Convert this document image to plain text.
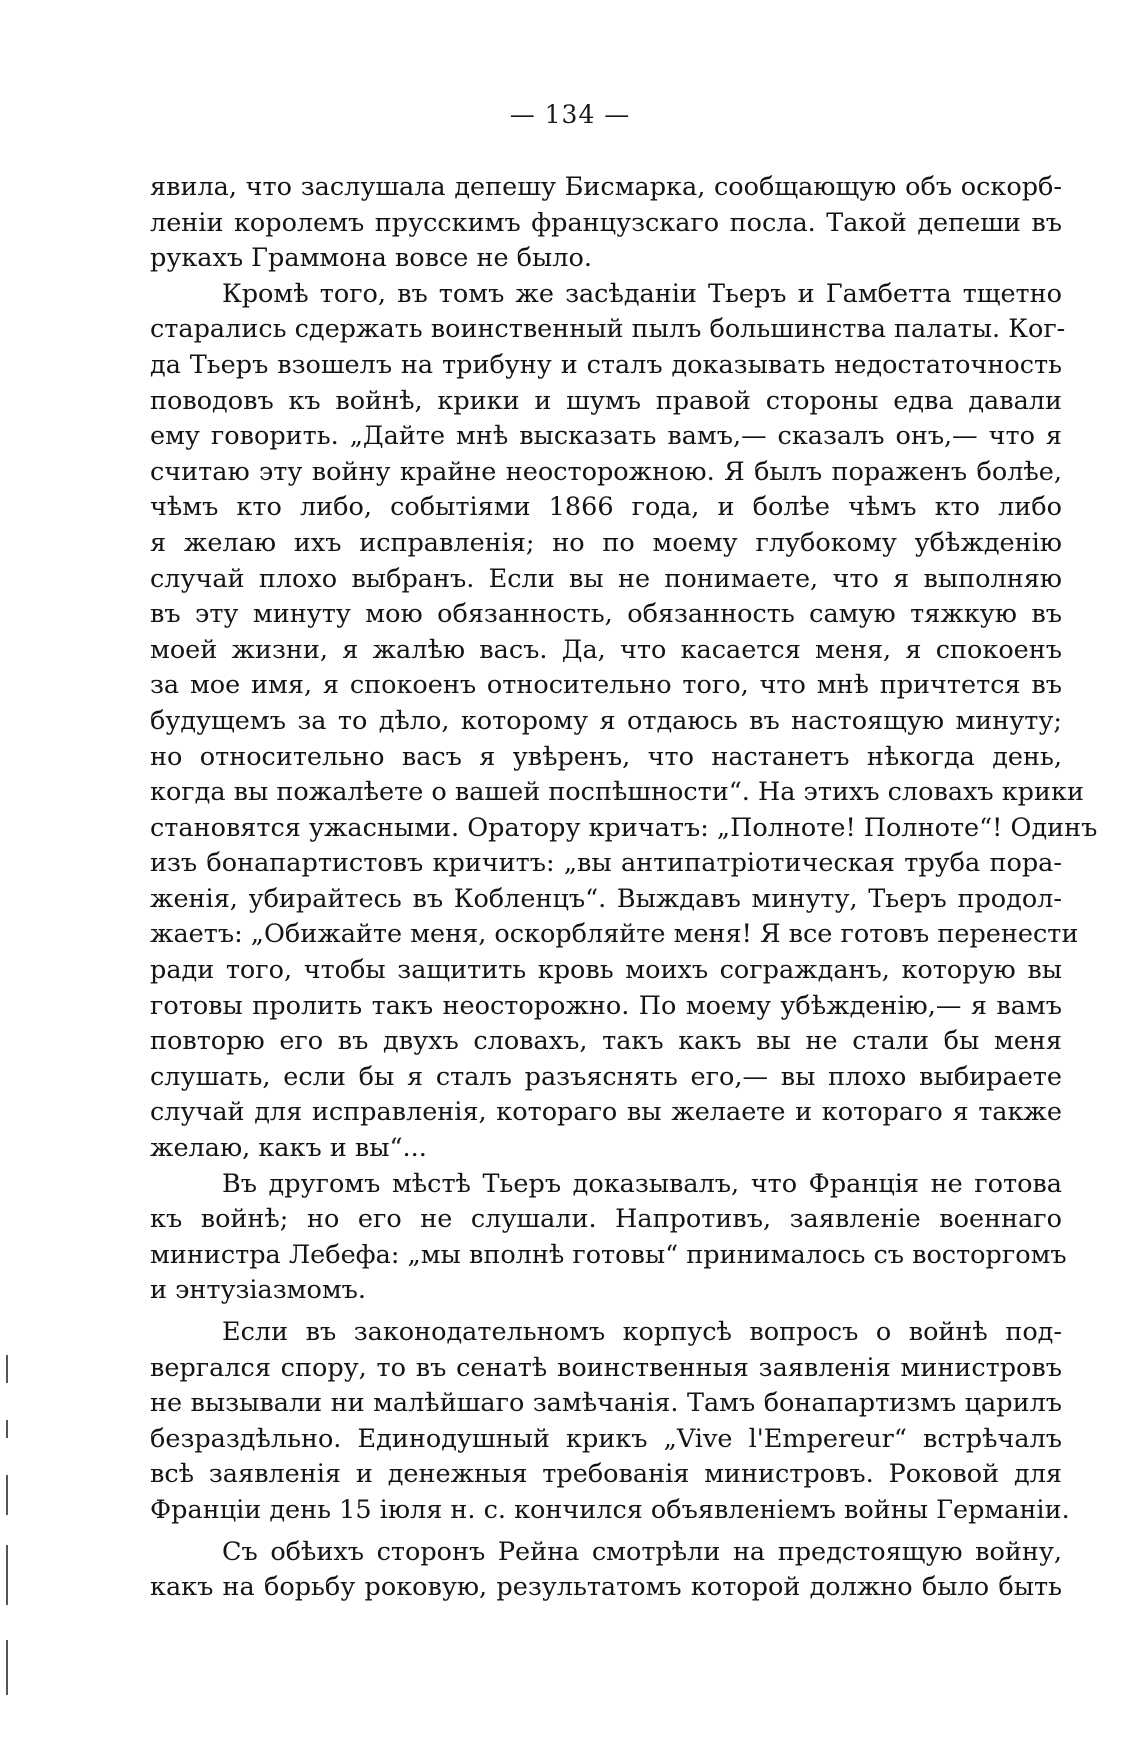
— 134 —
явила, что заслушала депешу Бисмарка, сообщающую объ оскорб-
леніи королемъ прусскимъ французскаго посла. Такой депеши въ
рукахъ Граммона вовсе не было.
Кромѣ того, въ томъ же засѣданіи Тьеръ и Гамбетта тщетно
старались сдержать воинственный пылъ большинства палаты. Ког-
да Тьеръ взошелъ на трибуну и сталъ доказывать недостаточность
поводовъ къ войнѣ, крики и шумъ правой стороны едва давали
ему говорить. „Дайте мнѣ высказать вамъ,— сказалъ онъ,— что я
считаю эту войну крайне неосторожною. Я былъ пораженъ болѣе,
чѣмъ кто либо, событіями 1866 года, и болѣе чѣмъ кто либо
я желаю ихъ исправленія; но по моему глубокому убѣжденію
случай плохо выбранъ. Если вы не понимаете, что я выполняю
въ эту минуту мою обязанность, обязанность самую тяжкую въ
моей жизни, я жалѣю васъ. Да, что касается меня, я спокоенъ
за мое имя, я спокоенъ относительно того, что мнѣ причтется въ
будущемъ за то дѣло, которому я отдаюсь въ настоящую минуту;
но относительно васъ я увѣренъ, что настанетъ нѣкогда день,
когда вы пожалѣете о вашей поспѣшности“. На этихъ словахъ крики
становятся ужасными. Оратору кричатъ: „Полноте! Полноте“! Одинъ
изъ бонапартистовъ кричитъ: „вы антипатріотическая труба пора-
женія, убирайтесь въ Кобленцъ“. Выждавъ минуту, Тьеръ продол-
жаетъ: „Обижайте меня, оскорбляйте меня! Я все готовъ перенести
ради того, чтобы защитить кровь моихъ согражданъ, которую вы
готовы пролить такъ неосторожно. По моему убѣжденію,— я вамъ
повторю его въ двухъ словахъ, такъ какъ вы не стали бы меня
слушать, если бы я сталъ разъяснять его,— вы плохо выбираете
случай для исправленія, котораго вы желаете и котораго я также
желаю, какъ и вы“...
Въ другомъ мѣстѣ Тьеръ доказывалъ, что Франція не готова
къ войнѣ; но его не слушали. Напротивъ, заявленіе военнаго
министра Лебефа: „мы вполнѣ готовы“ принималось съ восторгомъ
и энтузіазмомъ.
Если въ законодательномъ корпусѣ вопросъ о войнѣ под-
вергался спору, то въ сенатѣ воинственныя заявленія министровъ
не вызывали ни малѣйшаго замѣчанія. Тамъ бонапартизмъ царилъ
безраздѣльно. Единодушный крикъ „Vive l'Empereur“ встрѣчалъ
всѣ заявленія и денежныя требованія министровъ. Роковой для
Франціи день 15 іюля н. с. кончился объявленіемъ войны Германіи.
Съ обѣихъ сторонъ Рейна смотрѣли на предстоящую войну,
какъ на борьбу роковую, результатомъ которой должно было быть
